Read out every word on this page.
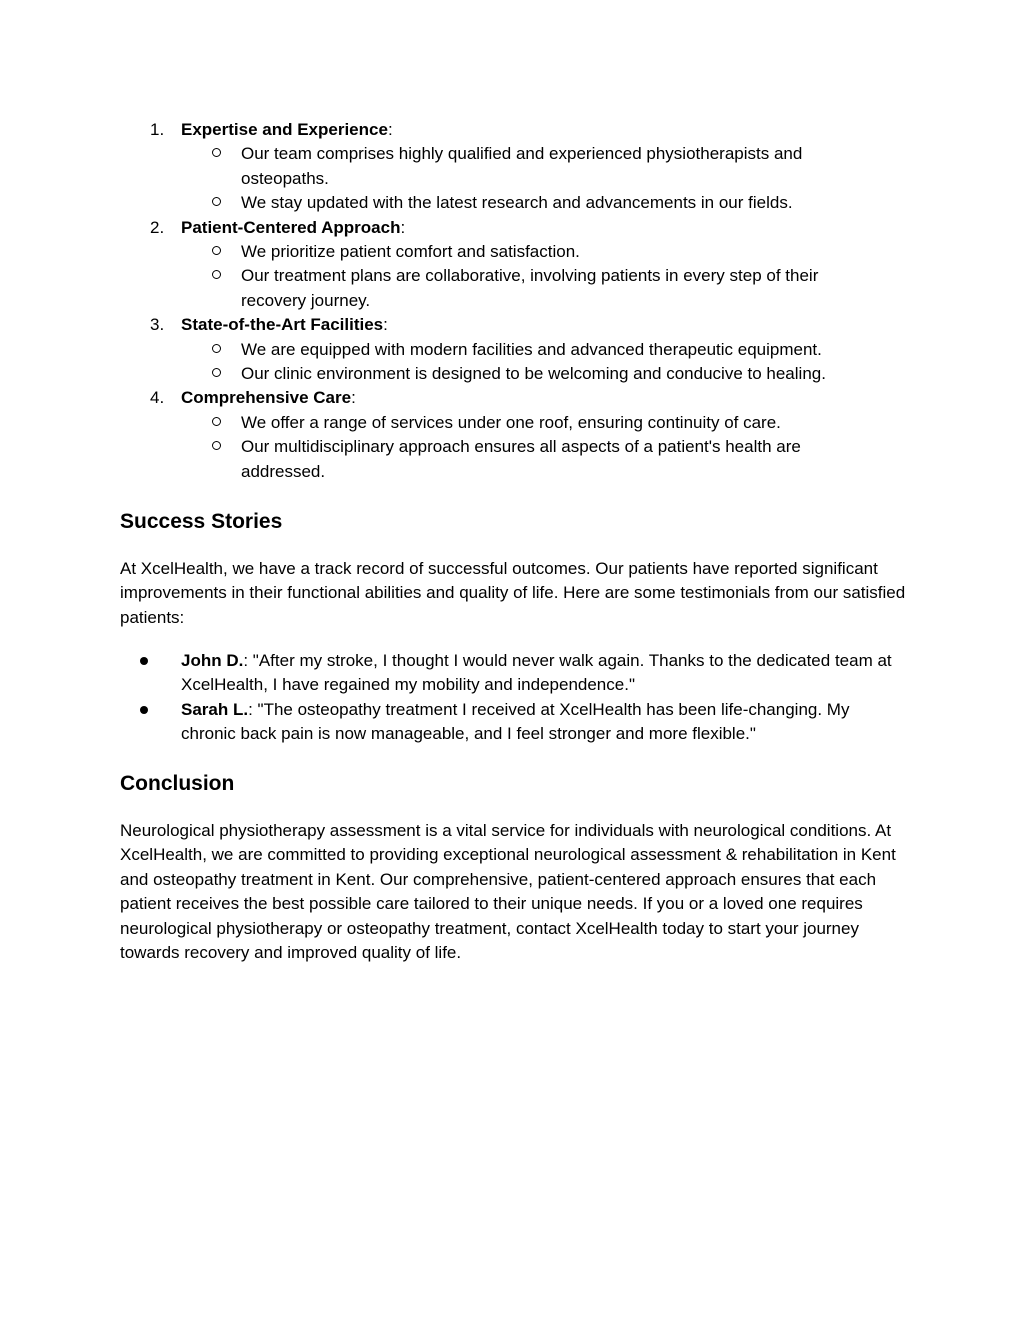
1. Expertise and Experience:
Our team comprises highly qualified and experienced physiotherapists and osteopaths.
We stay updated with the latest research and advancements in our fields.
2. Patient-Centered Approach:
We prioritize patient comfort and satisfaction.
Our treatment plans are collaborative, involving patients in every step of their recovery journey.
3. State-of-the-Art Facilities:
We are equipped with modern facilities and advanced therapeutic equipment.
Our clinic environment is designed to be welcoming and conducive to healing.
4. Comprehensive Care:
We offer a range of services under one roof, ensuring continuity of care.
Our multidisciplinary approach ensures all aspects of a patient's health are addressed.
Success Stories

At XcelHealth, we have a track record of successful outcomes. Our patients have reported significant improvements in their functional abilities and quality of life. Here are some testimonials from our satisfied patients:

John D.: "After my stroke, I thought I would never walk again. Thanks to the dedicated team at XcelHealth, I have regained my mobility and independence."
Sarah L.: "The osteopathy treatment I received at XcelHealth has been life-changing. My chronic back pain is now manageable, and I feel stronger and more flexible."
Conclusion

Neurological physiotherapy assessment is a vital service for individuals with neurological conditions. At XcelHealth, we are committed to providing exceptional neurological assessment & rehabilitation in Kent and osteopathy treatment in Kent. Our comprehensive, patient-centered approach ensures that each patient receives the best possible care tailored to their unique needs. If you or a loved one requires neurological physiotherapy or osteopathy treatment, contact XcelHealth today to start your journey towards recovery and improved quality of life.
